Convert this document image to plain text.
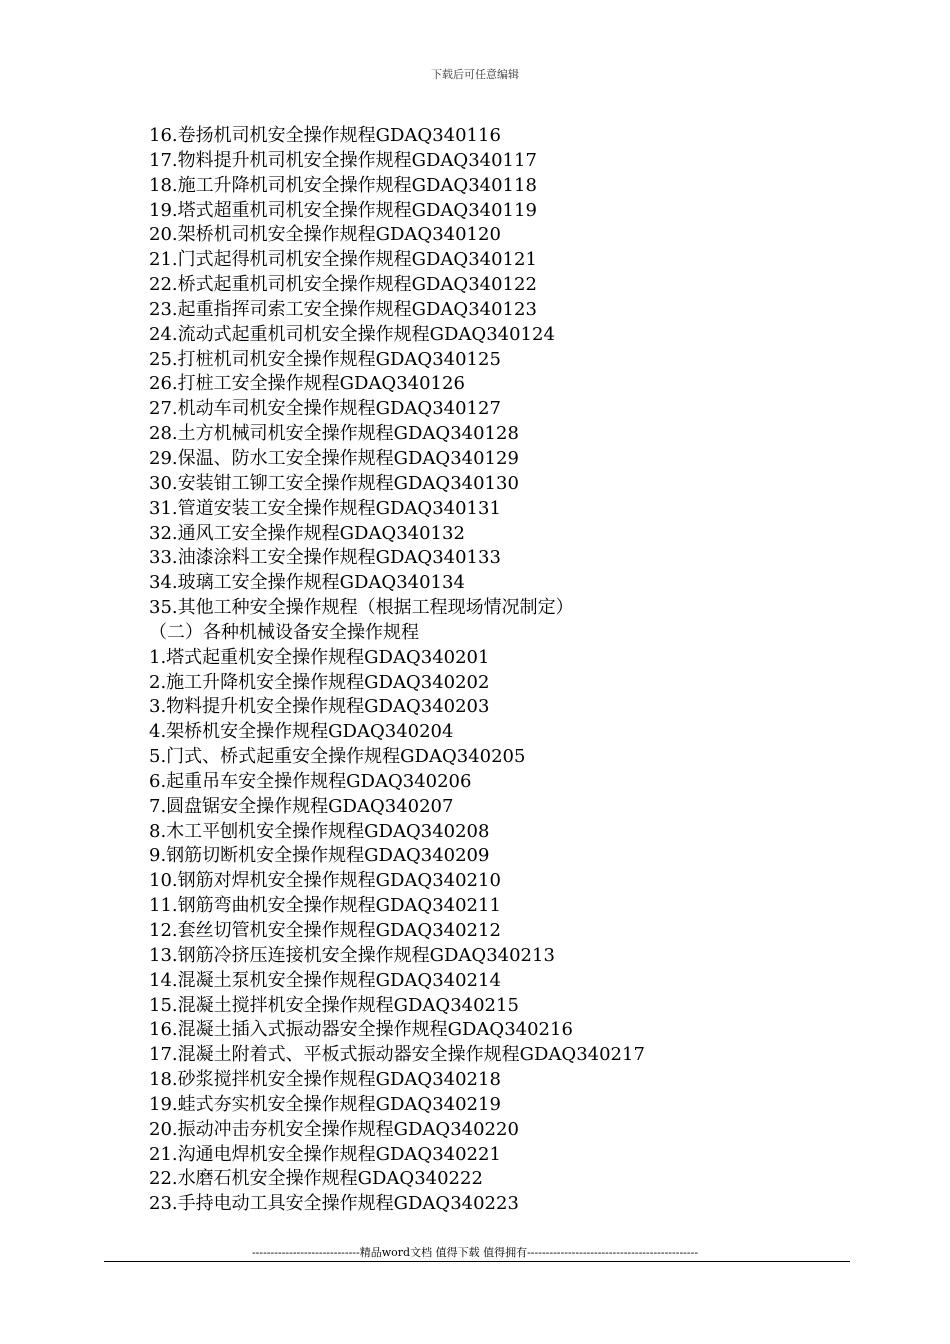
下载后可任意编辑
16.卷扬机司机安全操作规程GDAQ340116
17.物料提升机司机安全操作规程GDAQ340117
18.施工升降机司机安全操作规程GDAQ340118
19.塔式超重机司机安全操作规程GDAQ340119
20.架桥机司机安全操作规程GDAQ340120
21.门式起得机司机安全操作规程GDAQ340121
22.桥式起重机司机安全操作规程GDAQ340122
23.起重指挥司索工安全操作规程GDAQ340123
24.流动式起重机司机安全操作规程GDAQ340124
25.打桩机司机安全操作规程GDAQ340125
26.打桩工安全操作规程GDAQ340126
27.机动车司机安全操作规程GDAQ340127
28.土方机械司机安全操作规程GDAQ340128
29.保温、防水工安全操作规程GDAQ340129
30.安装钳工铆工安全操作规程GDAQ340130
31.管道安装工安全操作规程GDAQ340131
32.通风工安全操作规程GDAQ340132
33.油漆涂料工安全操作规程GDAQ340133
34.玻璃工安全操作规程GDAQ340134
35.其他工种安全操作规程（根据工程现场情况制定）
（二）各种机械设备安全操作规程
1.塔式起重机安全操作规程GDAQ340201
2.施工升降机安全操作规程GDAQ340202
3.物料提升机安全操作规程GDAQ340203
4.架桥机安全操作规程GDAQ340204
5.门式、桥式起重安全操作规程GDAQ340205
6.起重吊车安全操作规程GDAQ340206
7.圆盘锯安全操作规程GDAQ340207
8.木工平刨机安全操作规程GDAQ340208
9.钢筋切断机安全操作规程GDAQ340209
10.钢筋对焊机安全操作规程GDAQ340210
11.钢筋弯曲机安全操作规程GDAQ340211
12.套丝切管机安全操作规程GDAQ340212
13.钢筋冷挤压连接机安全操作规程GDAQ340213
14.混凝土泵机安全操作规程GDAQ340214
15.混凝土搅拌机安全操作规程GDAQ340215
16.混凝土插入式振动器安全操作规程GDAQ340216
17.混凝土附着式、平板式振动器安全操作规程GDAQ340217
18.砂浆搅拌机安全操作规程GDAQ340218
19.蛙式夯实机安全操作规程GDAQ340219
20.振动冲击夯机安全操作规程GDAQ340220
21.沟通电焊机安全操作规程GDAQ340221
22.水磨石机安全操作规程GDAQ340222
23.手持电动工具安全操作规程GDAQ340223
-----------------------------精品word文档 值得下载 值得拥有----------------------------------------------
